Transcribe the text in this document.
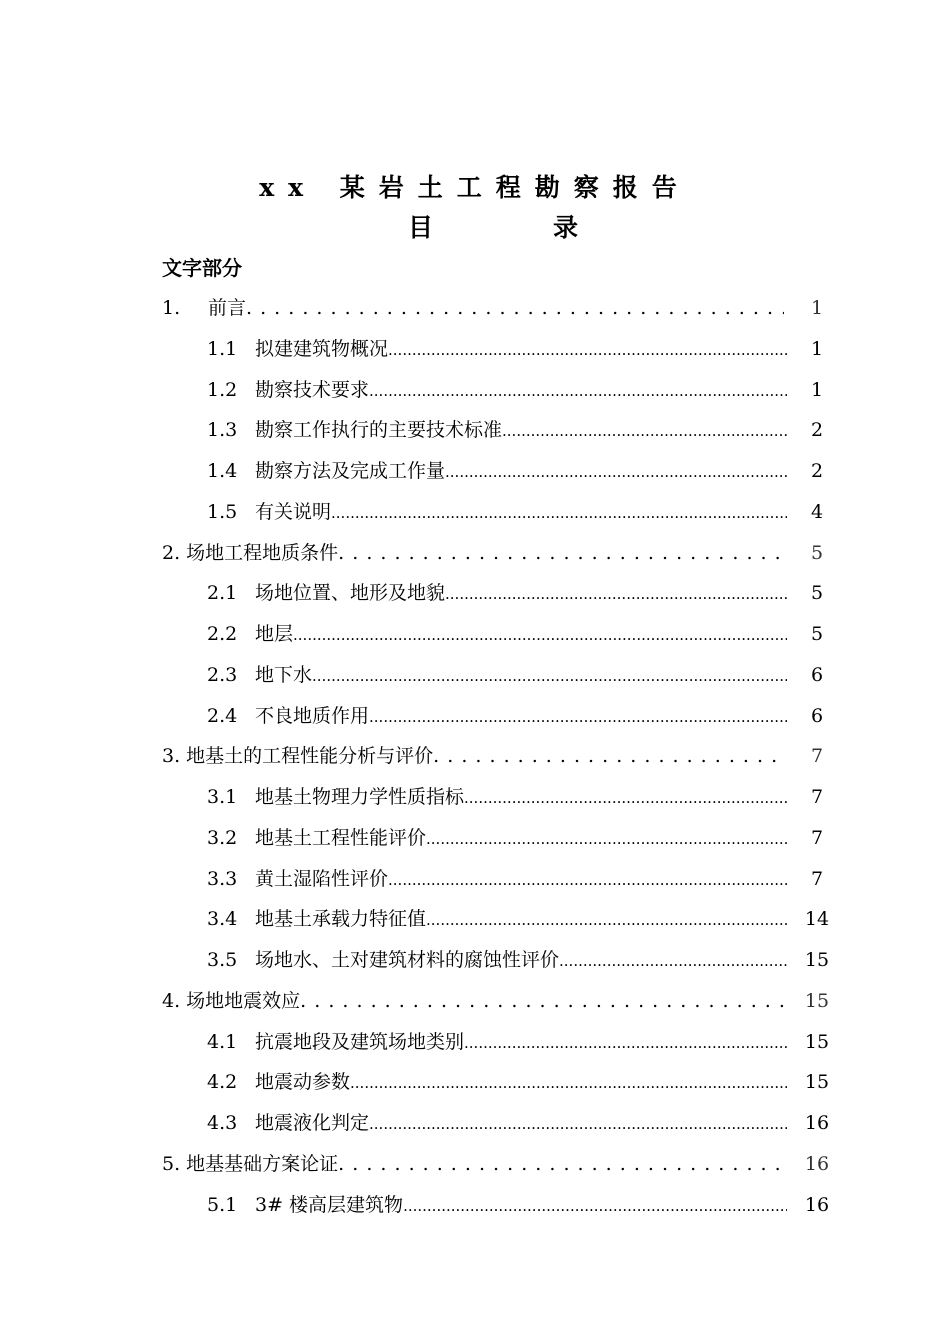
xx 某岩土工程勘察报告
目	录
文字部分
1. 前言 . . .	1
1.1 拟建建筑物概况 .....	1
1.2 勘察技术要求 .....	1
1.3 勘察工作执行的主要技术标准 .....	2
1.4 勘察方法及完成工作量 .....	2
1.5 有关说明 .....	4
2. 场地工程地质条件 . . .	5
2.1 场地位置、地形及地貌 .....	5
2.2 地层 .....	5
2.3 地下水 .....	6
2.4 不良地质作用 .....	6
3. 地基土的工程性能分析与评价 . . .	7
3.1 地基土物理力学性质指标 .....	7
3.2 地基土工程性能评价 .....	7
3.3 黄土湿陷性评价 .....	7
3.4 地基土承载力特征值 .....	14
3.5 场地水、土对建筑材料的腐蚀性评价 .....	15
4. 场地地震效应 . . .	15
4.1 抗震地段及建筑场地类别 .....	15
4.2 地震动参数 .....	15
4.3 地震液化判定 .....	16
5. 地基基础方案论证 . . .	16
5.1 3# 楼高层建筑物 .....	16
